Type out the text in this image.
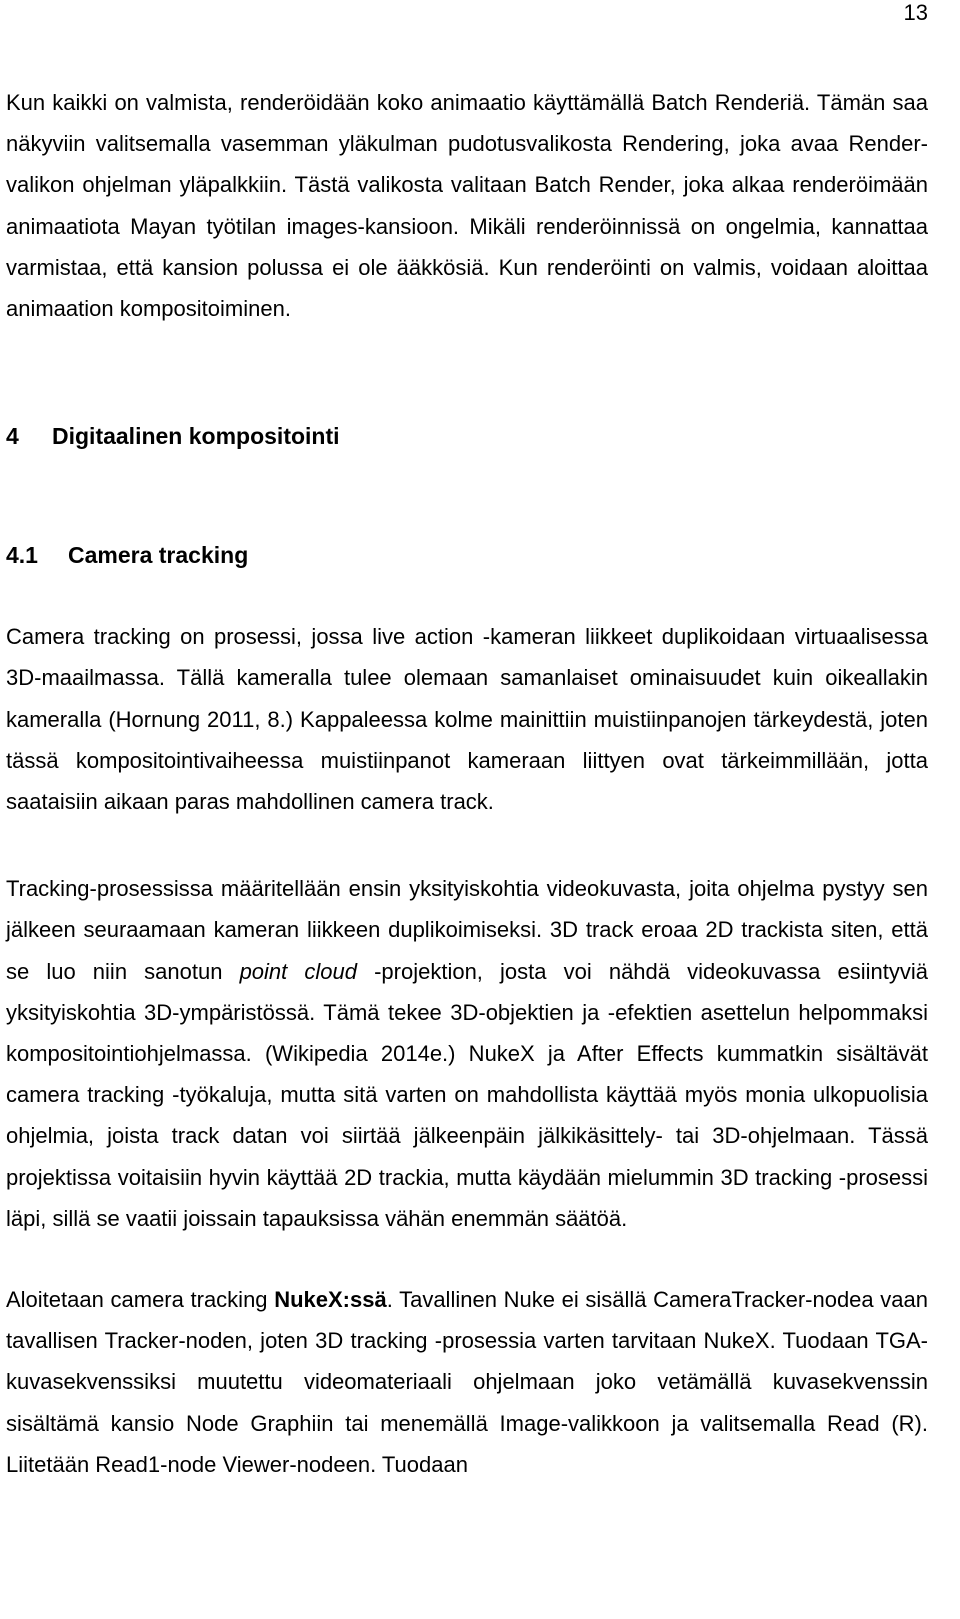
13

Kun kaikki on valmista, renderöidään koko animaatio käyttämällä Batch Renderiä. Tämän saa näkyviin valitsemalla vasemman yläkulman pudotusvalikosta Rendering, joka avaa Render-valikon ohjelman yläpalkkiin. Tästä valikosta valitaan Batch Render, joka alkaa renderöimään animaatiota Mayan työtilan images-kansioon. Mikäli renderöinnissä on ongelmia, kannattaa varmistaa, että kansion polussa ei ole ääkkösiä. Kun renderöinti on valmis, voidaan aloittaa animaation kompositoiminen.

4 Digitaalinen kompositointi
4.1 Camera tracking

Camera tracking on prosessi, jossa live action -kameran liikkeet duplikoidaan virtuaalisessa 3D-maailmassa. Tällä kameralla tulee olemaan samanlaiset ominaisuudet kuin oikeallakin kameralla (Hornung 2011, 8.) Kappaleessa kolme mainittiin muistiinpanojen tärkeydestä, joten tässä kompositointivaiheessa muistiinpanot kameraan liittyen ovat tärkeimmillään, jotta saataisiin aikaan paras mahdollinen camera track.

Tracking-prosessissa määritellään ensin yksityiskohtia videokuvasta, joita ohjelma pystyy sen jälkeen seuraamaan kameran liikkeen duplikoimiseksi. 3D track eroaa 2D trackista siten, että se luo niin sanotun point cloud -projektion, josta voi nähdä videokuvassa esiintyviä yksityiskohtia 3D-ympäristössä. Tämä tekee 3D-objektien ja -efektien asettelun helpommaksi kompositointiohjelmassa. (Wikipedia 2014e.) NukeX ja After Effects kummatkin sisältävät camera tracking -työkaluja, mutta sitä varten on mahdollista käyttää myös monia ulkopuolisia ohjelmia, joista track datan voi siirtää jälkeenpäin jälkikäsittely- tai 3D-ohjelmaan. Tässä projektissa voitaisiin hyvin käyttää 2D trackia, mutta käydään mielummin 3D tracking -prosessi läpi, sillä se vaatii joissain tapauksissa vähän enemmän säätöä.

Aloitetaan camera tracking NukeX:ssä. Tavallinen Nuke ei sisällä CameraTracker-nodea vaan tavallisen Tracker-noden, joten 3D tracking -prosessia varten tarvitaan NukeX. Tuodaan TGA-kuvasekvenssiksi muutettu videomateriaali ohjelmaan joko vetämällä kuvasekvenssin sisältämä kansio Node Graphiin tai menemällä Image-valikkoon ja valitsemalla Read (R). Liitetään Read1-node Viewer-nodeen. Tuodaan
